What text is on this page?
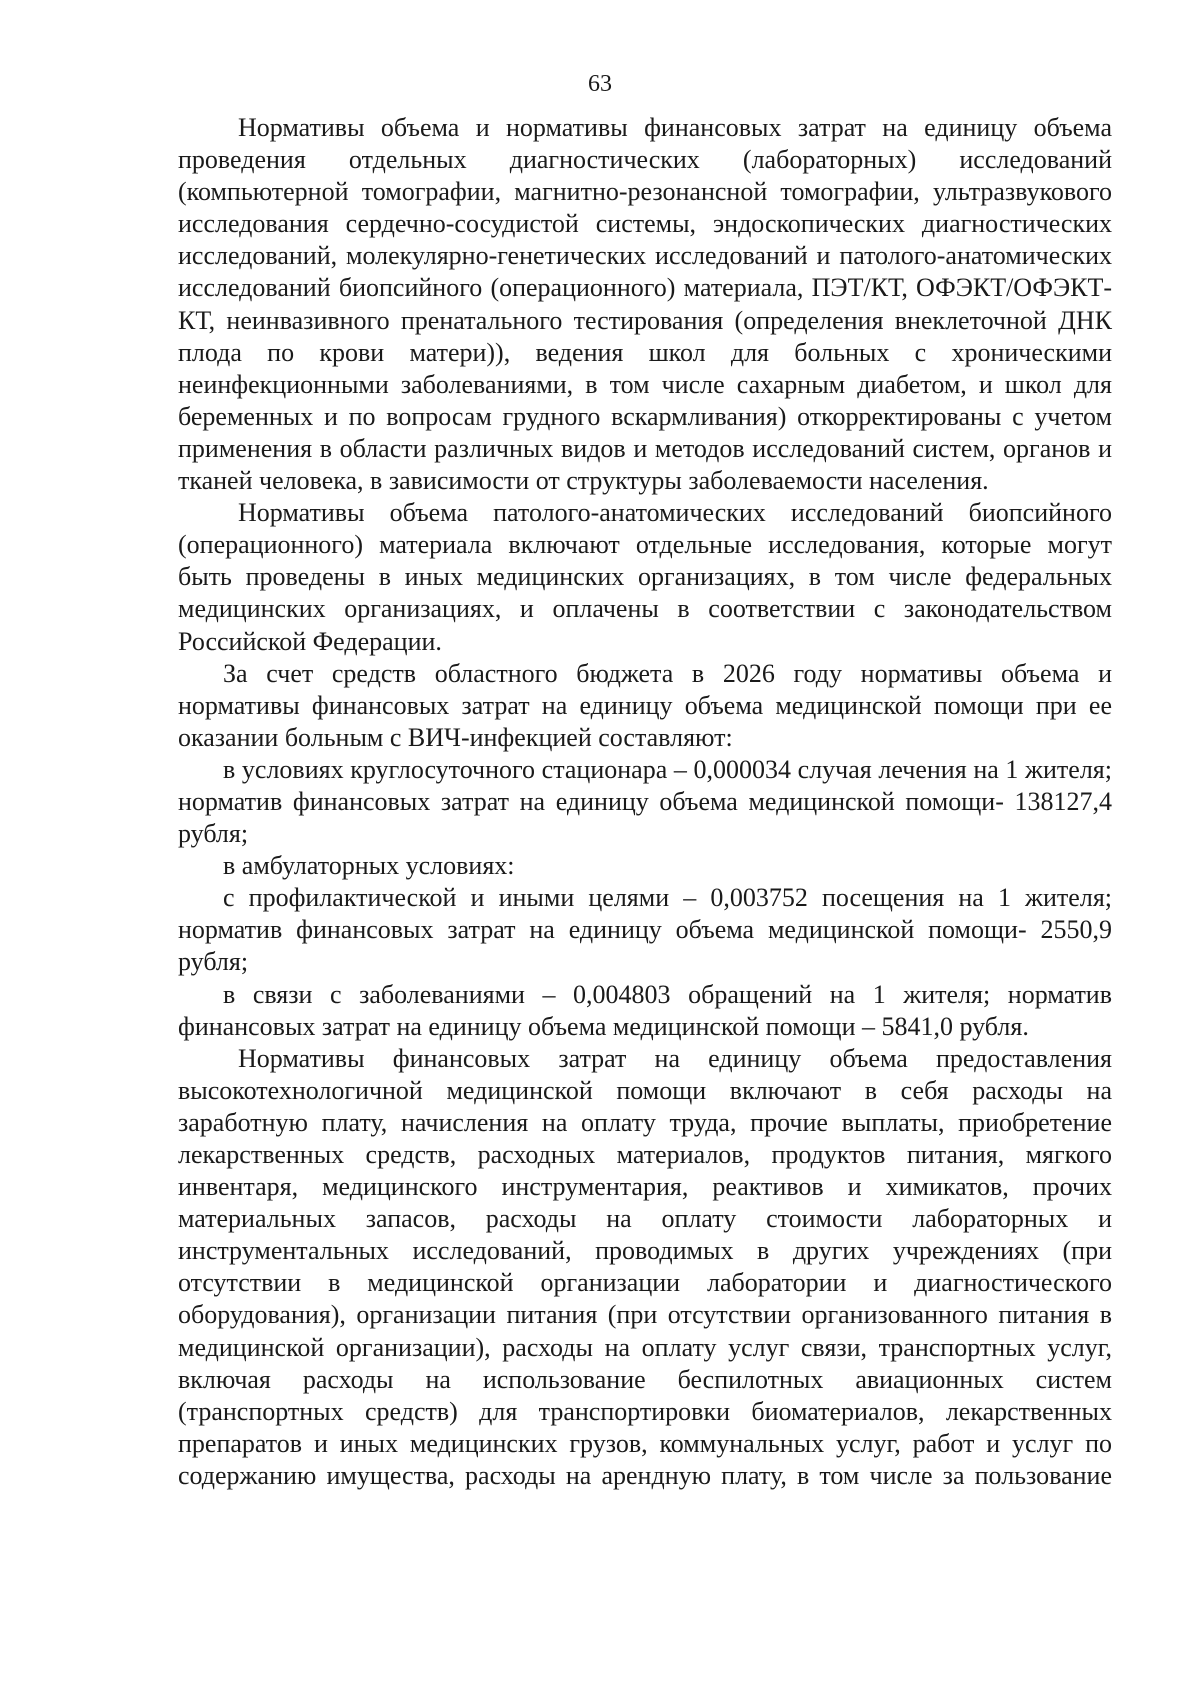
63

Нормативы объема и нормативы финансовых затрат на единицу объема проведения отдельных диагностических (лабораторных) исследований (компьютерной томографии, магнитно-резонансной томографии, ультразвукового исследования сердечно-сосудистой системы, эндоскопических диагностических исследований, молекулярно-генетических исследований и патолого-анатомических исследований биопсийного (операционного) материала, ПЭТ/КТ, ОФЭКТ/ОФЭКТ-КТ, неинвазивного пренатального тестирования (определения внеклеточной ДНК плода по крови матери)), ведения школ для больных с хроническими неинфекционными заболеваниями, в том числе сахарным диабетом, и школ для беременных и по вопросам грудного вскармливания) откорректированы с учетом применения в области различных видов и методов исследований систем, органов и тканей человека, в зависимости от структуры заболеваемости населения.

Нормативы объема патолого-анатомических исследований биопсийного (операционного) материала включают отдельные исследования, которые могут быть проведены в иных медицинских организациях, в том числе федеральных медицинских организациях, и оплачены в соответствии с законодательством Российской Федерации.

За счет средств областного бюджета в 2026 году нормативы объема и нормативы финансовых затрат на единицу объема медицинской помощи при ее оказании больным с ВИЧ-инфекцией составляют:

в условиях круглосуточного стационара – 0,000034 случая лечения на 1 жителя; норматив финансовых затрат на единицу объема медицинской помощи- 138127,4 рубля;

в амбулаторных условиях:

с профилактической и иными целями – 0,003752 посещения на 1 жителя; норматив финансовых затрат на единицу объема медицинской помощи- 2550,9 рубля;

в связи с заболеваниями – 0,004803 обращений на 1 жителя; норматив финансовых затрат на единицу объема медицинской помощи – 5841,0 рубля.

Нормативы финансовых затрат на единицу объема предоставления высокотехнологичной медицинской помощи включают в себя расходы на заработную плату, начисления на оплату труда, прочие выплаты, приобретение лекарственных средств, расходных материалов, продуктов питания, мягкого инвентаря, медицинского инструментария, реактивов и химикатов, прочих материальных запасов, расходы на оплату стоимости лабораторных и инструментальных исследований, проводимых в других учреждениях (при отсутствии в медицинской организации лаборатории и диагностического оборудования), организации питания (при отсутствии организованного питания в медицинской организации), расходы на оплату услуг связи, транспортных услуг, включая расходы на использование беспилотных авиационных систем (транспортных средств) для транспортировки биоматериалов, лекарственных препаратов и иных медицинских грузов, коммунальных услуг, работ и услуг по содержанию имущества, расходы на арендную плату, в том числе за пользование
